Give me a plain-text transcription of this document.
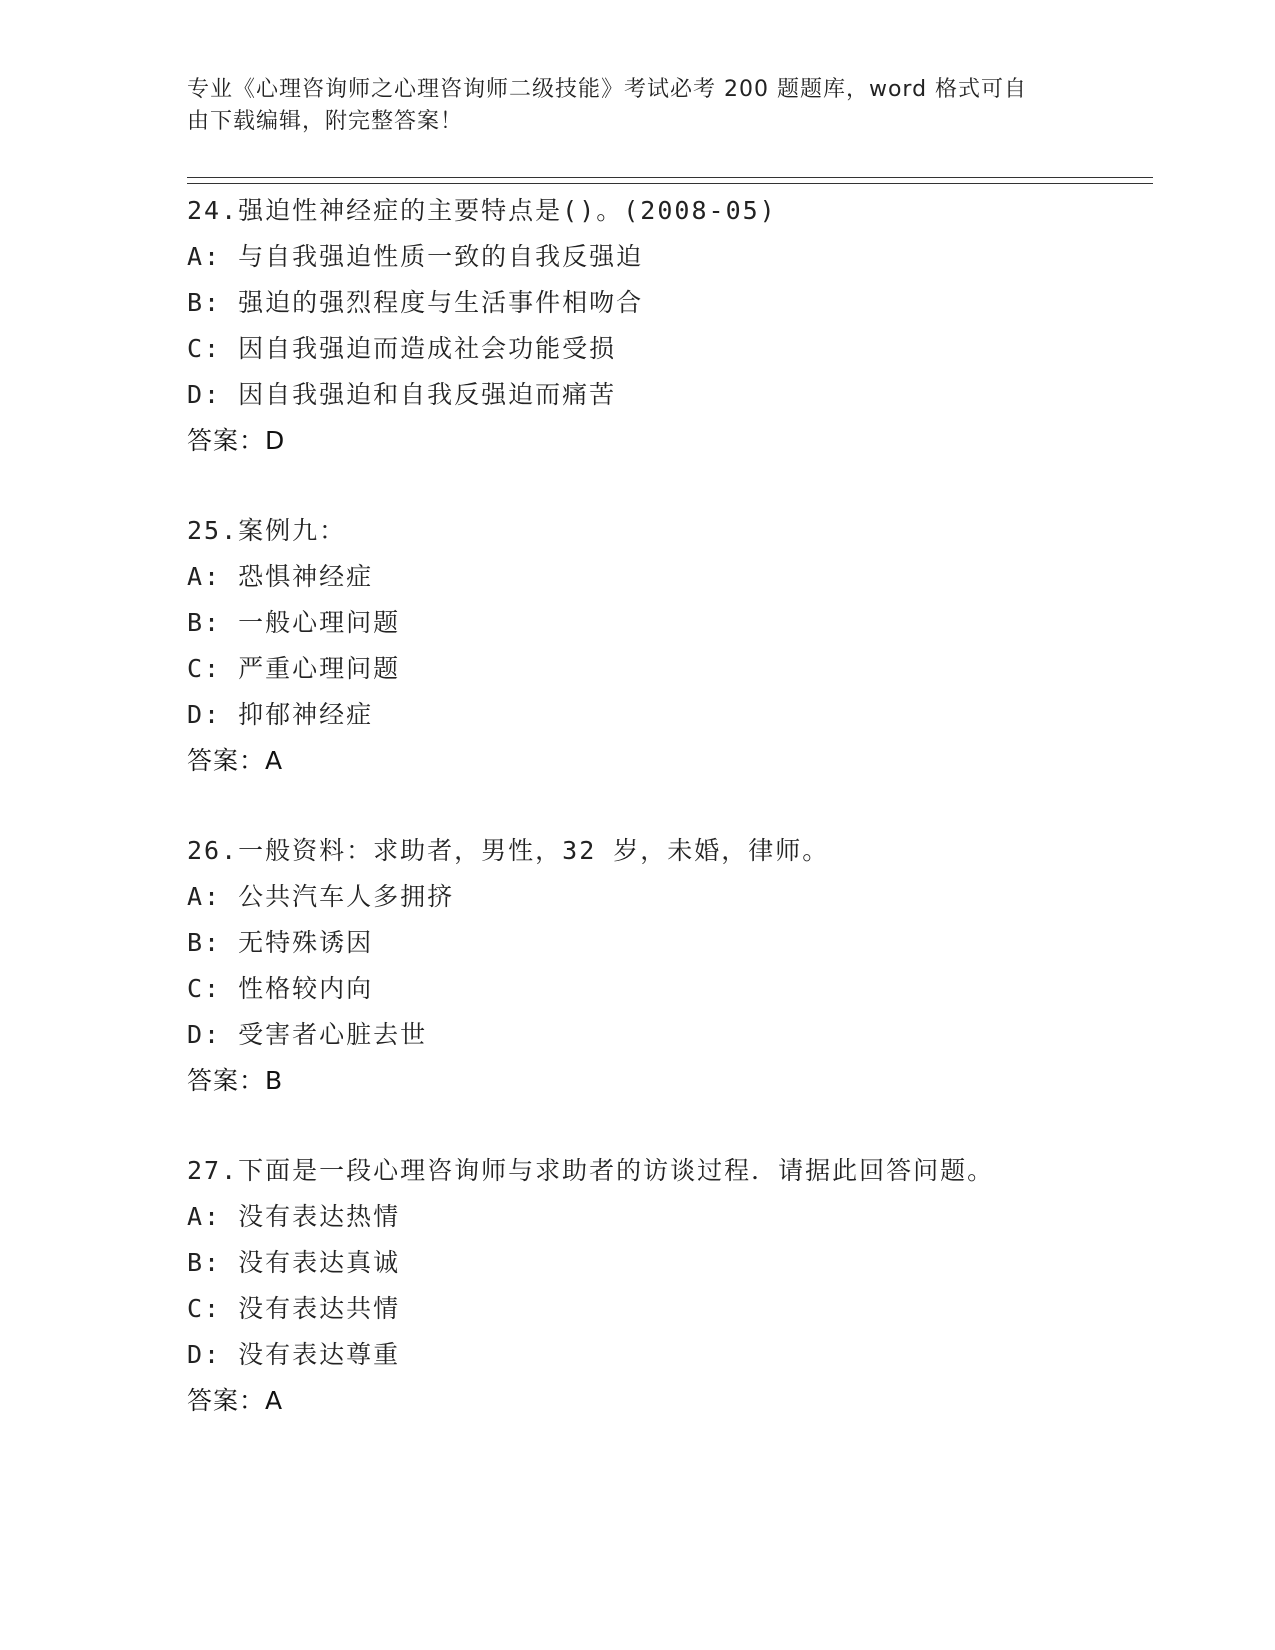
专业《心理咨询师之心理咨询师二级技能》考试必考 200 题题库，word 格式可自
由下载编辑，附完整答案！
24.强迫性神经症的主要特点是()。(2008-05)
A: 与自我强迫性质一致的自我反强迫
B: 强迫的强烈程度与生活事件相吻合
C: 因自我强迫而造成社会功能受损
D: 因自我强迫和自我反强迫而痛苦
答案：D
25.案例九：
A: 恐惧神经症
B: 一般心理问题
C: 严重心理问题
D: 抑郁神经症
答案：A
26.一般资料：求助者，男性，32 岁，未婚，律师。
A: 公共汽车人多拥挤
B: 无特殊诱因
C: 性格较内向
D: 受害者心脏去世
答案：B
27.下面是一段心理咨询师与求助者的访谈过程．请据此回答问题。
A: 没有表达热情
B: 没有表达真诚
C: 没有表达共情
D: 没有表达尊重
答案：A
